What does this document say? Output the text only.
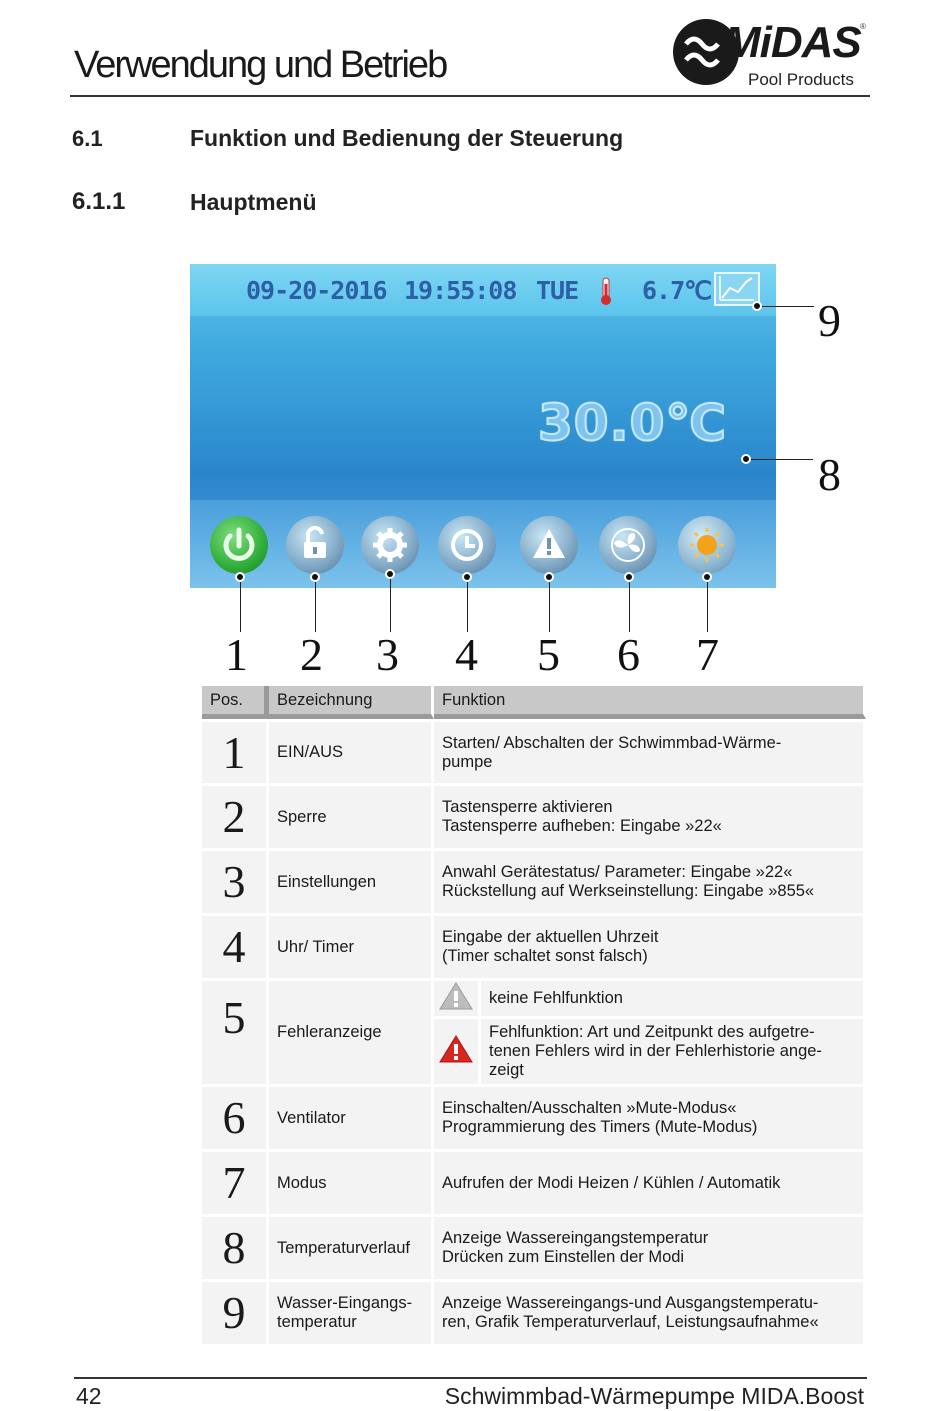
Verwendung und Betrieb	MiDAS ®
Pool Products
6.1	Funktion und Bedienung der Steuerung
6.1.1	Hauptmenü
09-20-2016 19:55:08 TUE	6.7℃
30.0℃
1 2 3 4 5 6 7
9
8
Pos.	Bezeichnung	Funktion	
1	EIN/AUS	Starten/ Abschalten der Schwimmbad-Wärme-
pumpe	
2	Sperre	Tastensperre aktivieren
Tastensperre aufheben: Eingabe »22«	
3	Einstellungen	Anwahl Gerätestatus/ Parameter: Eingabe »22«
Rückstellung auf Werkseinstellung: Eingabe »855«	
4	Uhr/ Timer	Eingabe der aktuellen Uhrzeit
(Timer schaltet sonst falsch)	
5	Fehleranzeige		keine Fehlfunktion
	Fehlfunktion: Art und Zeitpunkt des aufgetre-
tenen Fehlers wird in der Fehlerhistorie ange-
zeigt
6	Ventilator	Einschalten/Ausschalten »Mute-Modus«
Programmierung des Timers (Mute-Modus)	
7	Modus	Aufrufen der Modi Heizen / Kühlen / Automatik	
8	Temperaturverlauf	Anzeige Wassereingangstemperatur
Drücken zum Einstellen der Modi	
9	Wasser-Eingangs-
temperatur	Anzeige Wassereingangs-und Ausgangstemperatu-
ren, Grafik Temperaturverlauf, Leistungsaufnahme«	
42	Schwimmbad-Wärmepumpe MIDA.Boost
